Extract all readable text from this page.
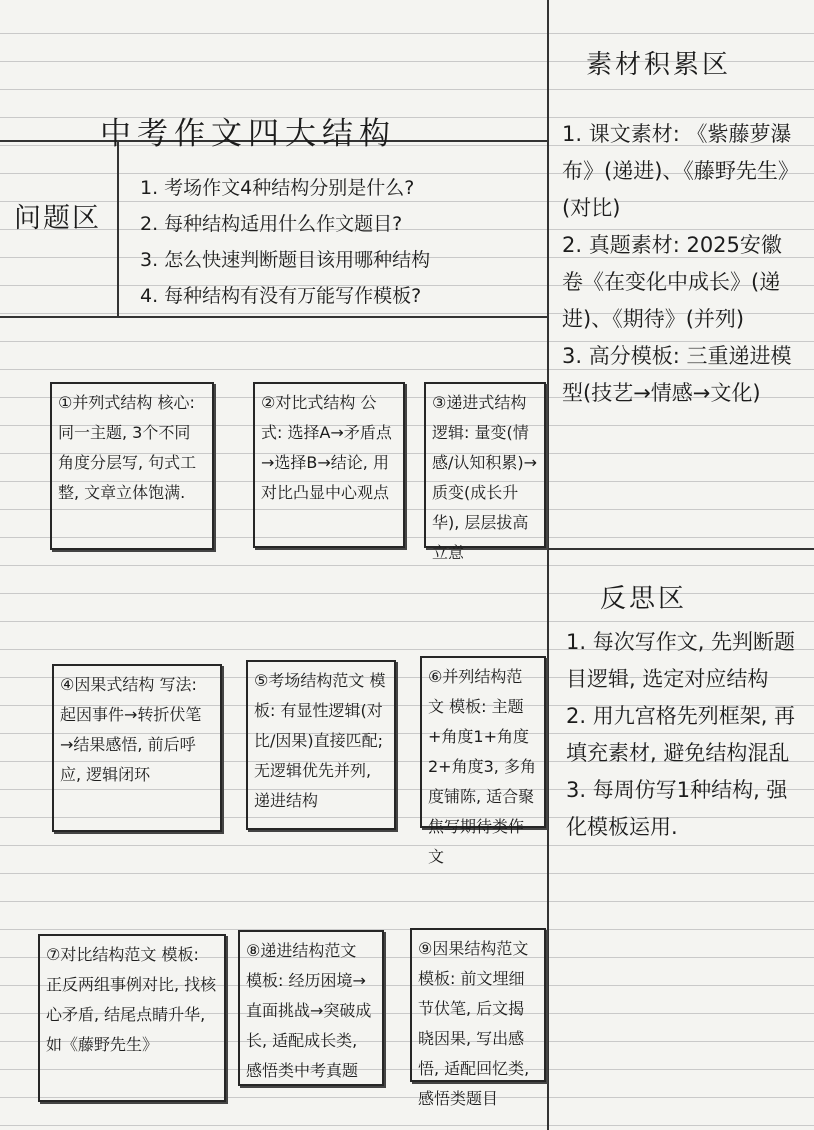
中考作文四大结构
问题区
1. 考场作文4种结构分别是什么?
2. 每种结构适用什么作文题目?
3. 怎么快速判断题目该用哪种结构
4. 每种结构有没有万能写作模板?
①并列式结构 核心: 同一主题, 3个不同角度分层写, 句式工整, 文章立体饱满.
②对比式结构 公式: 选择A→矛盾点→选择B→结论, 用对比凸显中心观点
③递进式结构 逻辑: 量变(情感/认知积累)→质变(成长升华), 层层拔高立意
④因果式结构 写法: 起因事件→转折伏笔→结果感悟, 前后呼应, 逻辑闭环
⑤考场结构范文 模板: 有显性逻辑(对比/因果)直接匹配; 无逻辑优先并列, 递进结构
⑥并列结构范文 模板: 主题+角度1+角度2+角度3, 多角度铺陈, 适合聚焦写期待类作文
⑦对比结构范文 模板: 正反两组事例对比, 找核心矛盾, 结尾点睛升华, 如《藤野先生》
⑧递进结构范文 模板: 经历困境→直面挑战→突破成长, 适配成长类, 感悟类中考真题
⑨因果结构范文 模板: 前文埋细节伏笔, 后文揭晓因果, 写出感悟, 适配回忆类, 感悟类题目
素材积累区
1. 课文素材: 《紫藤萝瀑布》(递进)、《藤野先生》(对比)
2. 真题素材: 2025安徽卷《在变化中成长》(递进)、《期待》(并列)
3. 高分模板: 三重递进模型(技艺→情感→文化)
反思区
1. 每次写作文, 先判断题目逻辑, 选定对应结构
2. 用九宫格先列框架, 再填充素材, 避免结构混乱
3. 每周仿写1种结构, 强化模板运用.
